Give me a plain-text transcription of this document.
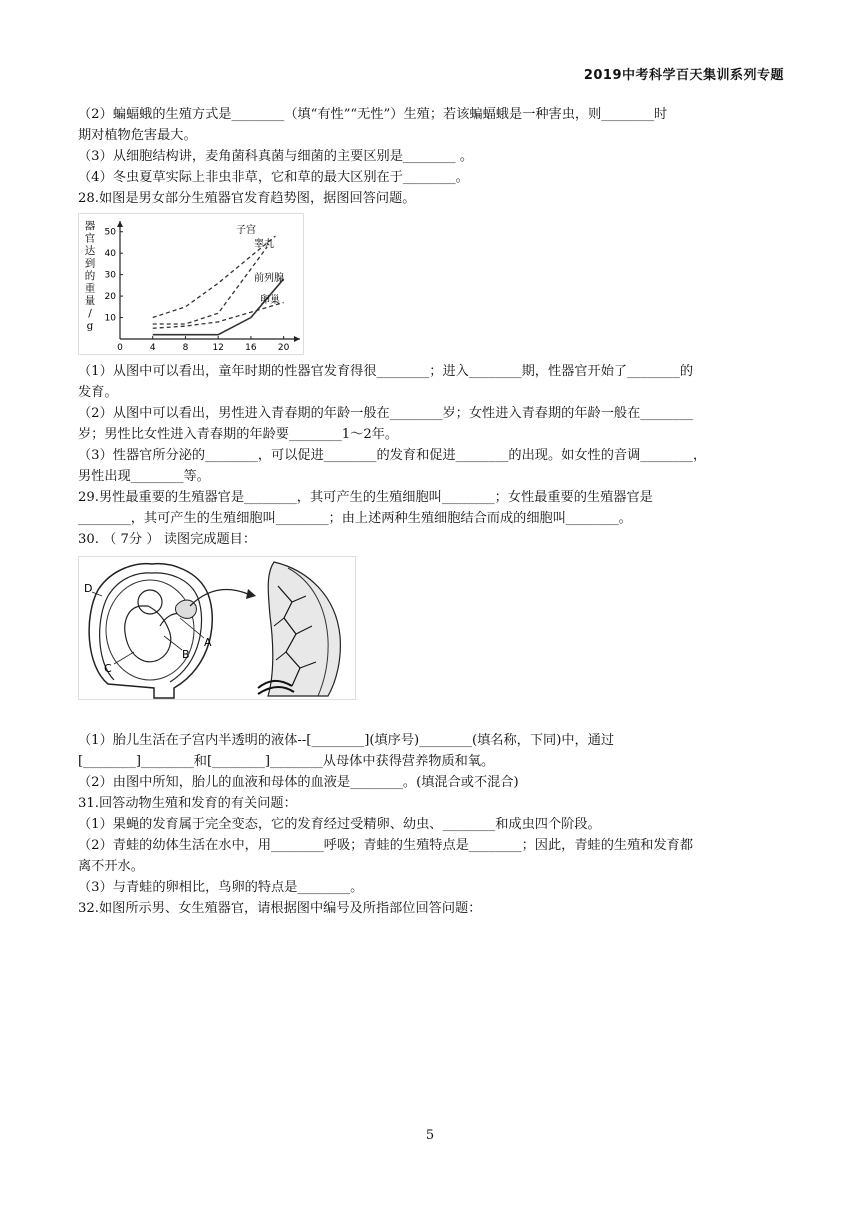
2019中考科学百天集训系列专题
（2）蝙蝠蛾的生殖方式是________（填“有性”“无性”）生殖；若该蝙蝠蛾是一种害虫，则________时
期对植物危害最大。
（3）从细胞结构讲，麦角菌科真菌与细菌的主要区别是________ 。
（4）冬虫夏草实际上非虫非草，它和草的最大区别在于________。
28.如图是男女部分生殖器官发育趋势图，据图回答问题。
器
官
达
到
的
重
量
/
g
0	4	8	12 16 20
10
20
30
40
50	子宫
睾丸
卵巢
前列腺
（1）从图中可以看出，童年时期的性器官发育得很________；进入________期，性器官开始了________的
发育。
（2）从图中可以看出，男性进入青春期的年龄一般在________岁；女性进入青春期的年龄一般在________
岁；男性比女性进入青春期的年龄要________1～2年。
（3）性器官所分泌的________，可以促进________的发育和促进________的出现。如女性的音调________，
男性出现________等。
29.男性最重要的生殖器官是________，其可产生的生殖细胞叫________；女性最重要的生殖器官是
________，其可产生的生殖细胞叫________；由上述两种生殖细胞结合而成的细胞叫________。
30. （ 7分 ） 读图完成题目：
D
A
B
C
（1）胎儿生活在子宫内半透明的液体--[________](填序号)________(填名称，下同)中，通过
[________]________和[________]________从母体中获得营养物质和氧。
（2）由图中所知，胎儿的血液和母体的血液是________。(填混合或不混合)
31.回答动物生殖和发育的有关问题：
（1）果蝇的发育属于完全变态，它的发育经过受精卵、幼虫、________和成虫四个阶段。
（2）青蛙的幼体生活在水中，用________呼吸；青蛙的生殖特点是________；因此，青蛙的生殖和发育都
离不开水。
（3）与青蛙的卵相比，鸟卵的特点是________。
32.如图所示男、女生殖器官，请根据图中编号及所指部位回答问题：
5
